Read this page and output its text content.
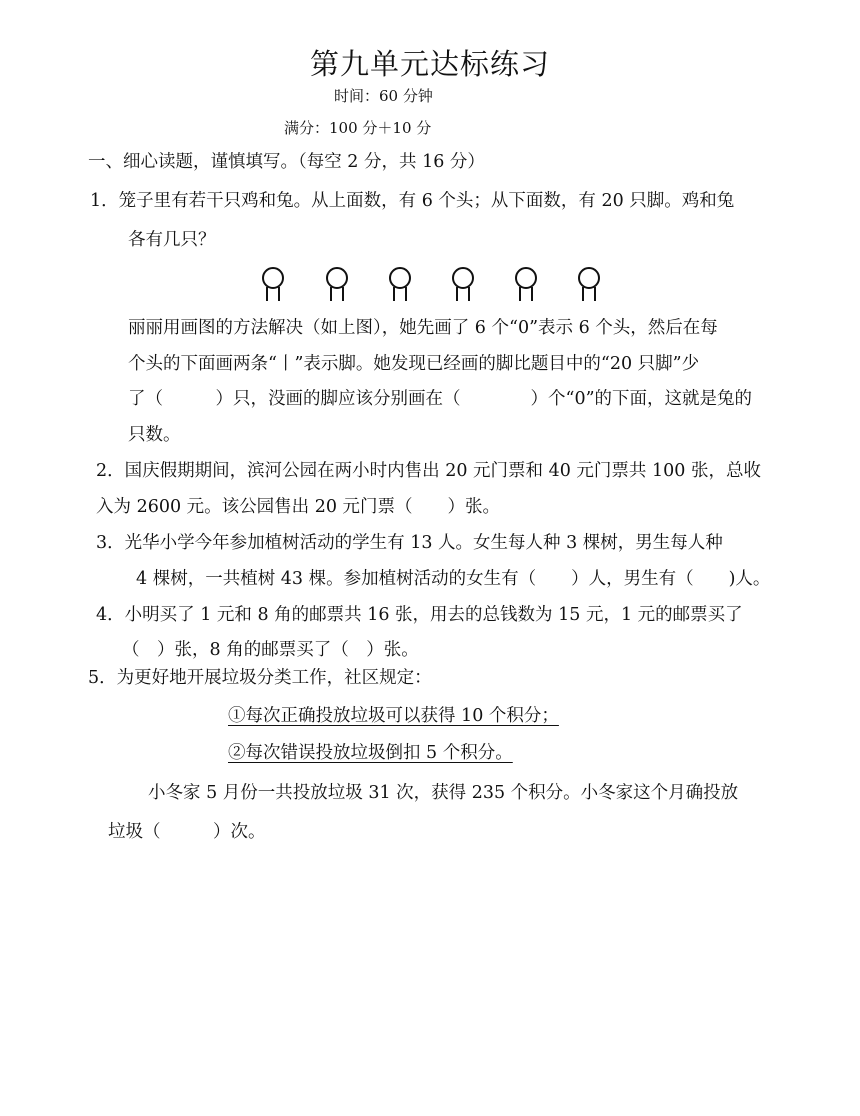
第九单元达标练习
时间：60 分钟
满分：100 分＋10 分
一、细心读题，谨慎填写。（每空 2 分，共 16 分）
1．笼子里有若干只鸡和兔。从上面数，有 6 个头；从下面数，有 20 只脚。鸡和兔
各有几只？
丽丽用画图的方法解决（如上图），她先画了 6 个“0”表示 6 个头，然后在每
个头的下面画两条“丨”表示脚。她发现已经画的脚比题目中的“20 只脚”少
了（　　　）只，没画的脚应该分别画在（　　　　）个“0”的下面，这就是兔的
只数。
2．国庆假期期间，滨河公园在两小时内售出 20 元门票和 40 元门票共 100 张，总收
入为 2600 元。该公园售出 20 元门票（　　）张。
3．光华小学今年参加植树活动的学生有 13 人。女生每人种 3 棵树，男生每人种
4 棵树，一共植树 43 棵。参加植树活动的女生有（　　）人，男生有（　　)人。
4．小明买了 1 元和 8 角的邮票共 16 张，用去的总钱数为 15 元，1 元的邮票买了
（　）张，8 角的邮票买了（　）张。
5．为更好地开展垃圾分类工作，社区规定：
①每次正确投放垃圾可以获得 10 个积分；
②每次错误投放垃圾倒扣 5 个积分。
小冬家 5 月份一共投放垃圾 31 次，获得 235 个积分。小冬家这个月确投放
垃圾（　　　）次。
